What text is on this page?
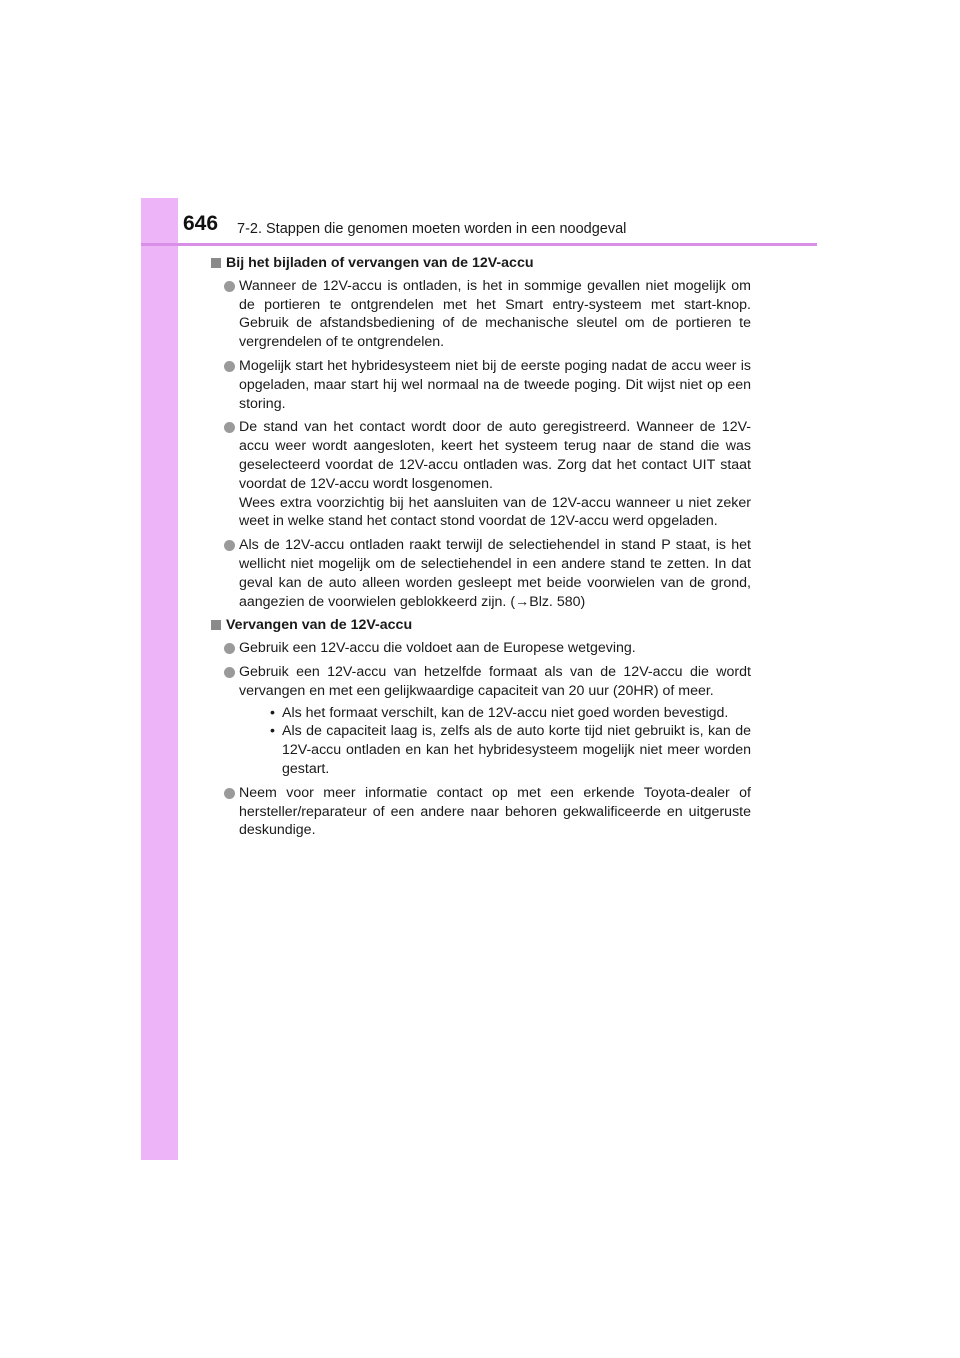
646 7-2. Stappen die genomen moeten worden in een noodgeval
Bij het bijladen of vervangen van de 12V-accu

Wanneer de 12V-accu is ontladen, is het in sommige gevallen niet mogelijk om de portieren te ontgrendelen met het Smart entry-systeem met start-knop. Gebruik de afstandsbediening of de mechanische sleutel om de portieren te vergrendelen of te ontgrendelen.

Mogelijk start het hybridesysteem niet bij de eerste poging nadat de accu weer is opgeladen, maar start hij wel normaal na de tweede poging. Dit wijst niet op een storing.

De stand van het contact wordt door de auto geregistreerd. Wanneer de 12V-accu weer wordt aangesloten, keert het systeem terug naar de stand die was geselecteerd voordat de 12V-accu ontladen was. Zorg dat het contact UIT staat voordat de 12V-accu wordt losgenomen.

Wees extra voorzichtig bij het aansluiten van de 12V-accu wanneer u niet zeker weet in welke stand het contact stond voordat de 12V-accu werd opgeladen.

Als de 12V-accu ontladen raakt terwijl de selectiehendel in stand P staat, is het wellicht niet mogelijk om de selectiehendel in een andere stand te zetten. In dat geval kan de auto alleen worden gesleept met beide voorwielen van de grond, aangezien de voorwielen geblokkeerd zijn. (→Blz. 580)

Vervangen van de 12V-accu

Gebruik een 12V-accu die voldoet aan de Europese wetgeving.

Gebruik een 12V-accu van hetzelfde formaat als van de 12V-accu die wordt vervangen en met een gelijkwaardige capaciteit van 20 uur (20HR) of meer.

• Als het formaat verschilt, kan de 12V-accu niet goed worden bevestigd.
• Als de capaciteit laag is, zelfs als de auto korte tijd niet gebruikt is, kan de 12V-accu ontladen en kan het hybridesysteem mogelijk niet meer worden gestart.

Neem voor meer informatie contact op met een erkende Toyota-dealer of hersteller/reparateur of een andere naar behoren gekwalificeerde en uitgeruste deskundige.
